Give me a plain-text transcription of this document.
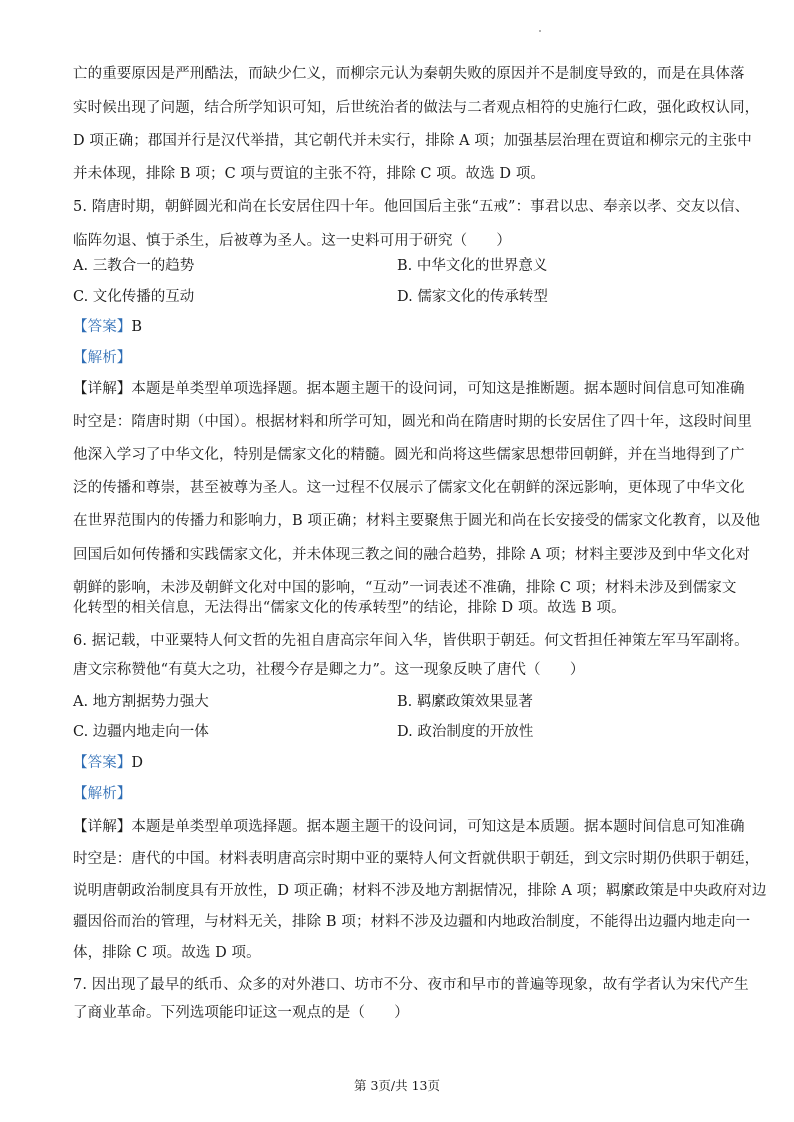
亡的重要原因是严刑酷法，而缺少仁义，而柳宗元认为秦朝失败的原因并不是制度导致的，而是在具体落
实时候出现了问题，结合所学知识可知，后世统治者的做法与二者观点相符的史施行仁政，强化政权认同，
D 项正确；郡国并行是汉代举措，其它朝代并未实行，排除 A 项；加强基层治理在贾谊和柳宗元的主张中
并未体现，排除 B 项；C 项与贾谊的主张不符，排除 C 项。故选 D 项。
5. 隋唐时期，朝鲜圆光和尚在长安居住四十年。他回国后主张“五戒”：事君以忠、奉亲以孝、交友以信、
临阵勿退、慎于杀生，后被尊为圣人。这一史料可用于研究（　　）
A. 三教合一的趋势	B. 中华文化的世界意义
C. 文化传播的互动	D. 儒家文化的传承转型
【答案】B
【解析】
【详解】本题是单类型单项选择题。据本题主题干的设问词，可知这是推断题。据本题时间信息可知准确
时空是：隋唐时期（中国）。根据材料和所学可知，圆光和尚在隋唐时期的长安居住了四十年，这段时间里
他深入学习了中华文化，特别是儒家文化的精髓。圆光和尚将这些儒家思想带回朝鲜，并在当地得到了广
泛的传播和尊崇，甚至被尊为圣人。这一过程不仅展示了儒家文化在朝鲜的深远影响，更体现了中华文化
在世界范围内的传播力和影响力，B 项正确；材料主要聚焦于圆光和尚在长安接受的儒家文化教育，以及他
回国后如何传播和实践儒家文化，并未体现三教之间的融合趋势，排除 A 项；材料主要涉及到中华文化对
朝鲜的影响，未涉及朝鲜文化对中国的影响，“互动”一词表述不准确，排除 C 项；材料未涉及到儒家文
化转型的相关信息，无法得出“儒家文化的传承转型”的结论，排除 D 项。故选 B 项。
6. 据记载，中亚粟特人何文哲的先祖自唐高宗年间入华，皆供职于朝廷。何文哲担任神策左军马军副将。
唐文宗称赞他“有莫大之功，社稷今存是卿之力”。这一现象反映了唐代（　　）
A. 地方割据势力强大	B. 羁縻政策效果显著
C. 边疆内地走向一体	D. 政治制度的开放性
【答案】D
【解析】
【详解】本题是单类型单项选择题。据本题主题干的设问词，可知这是本质题。据本题时间信息可知准确
时空是：唐代的中国。材料表明唐高宗时期中亚的粟特人何文哲就供职于朝廷，到文宗时期仍供职于朝廷，
说明唐朝政治制度具有开放性，D 项正确；材料不涉及地方割据情况，排除 A 项；羁縻政策是中央政府对边
疆因俗而治的管理，与材料无关，排除 B 项；材料不涉及边疆和内地政治制度，不能得出边疆内地走向一
体，排除 C 项。故选 D 项。
7. 因出现了最早的纸币、众多的对外港口、坊市不分、夜市和早市的普遍等现象，故有学者认为宋代产生
了商业革命。下列选项能印证这一观点的是（　　）
第 3页/共 13页
